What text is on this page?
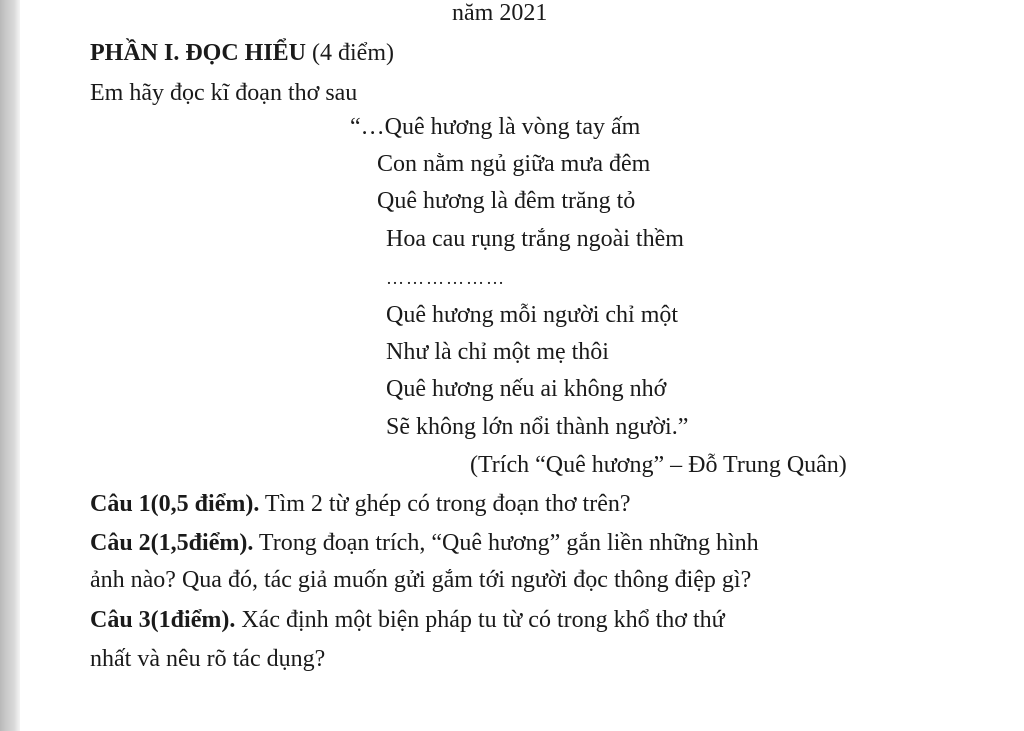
năm 2021
PHẦN I. ĐỌC HIỂU (4 điểm)
Em hãy đọc kĩ đoạn thơ sau
“…Quê hương là vòng tay ấm
Con nằm ngủ giữa mưa đêm
Quê hương là đêm trăng tỏ
Hoa cau rụng trắng ngoài thềm
………………
Quê hương mỗi người chỉ một
Như là chỉ một mẹ thôi
Quê hương nếu ai không nhớ
Sẽ không lớn nổi thành người.”
(Trích “Quê hương” – Đỗ Trung Quân)
Câu 1(0,5 điểm). Tìm 2 từ ghép có trong đoạn thơ trên?
Câu 2(1,5điểm). Trong đoạn trích, “Quê hương” gắn liền những hình
ảnh nào? Qua đó, tác giả muốn gửi gắm tới người đọc thông điệp gì?
Câu 3(1điểm). Xác định một biện pháp tu từ có trong khổ thơ thứ
nhất và nêu rõ tác dụng?
